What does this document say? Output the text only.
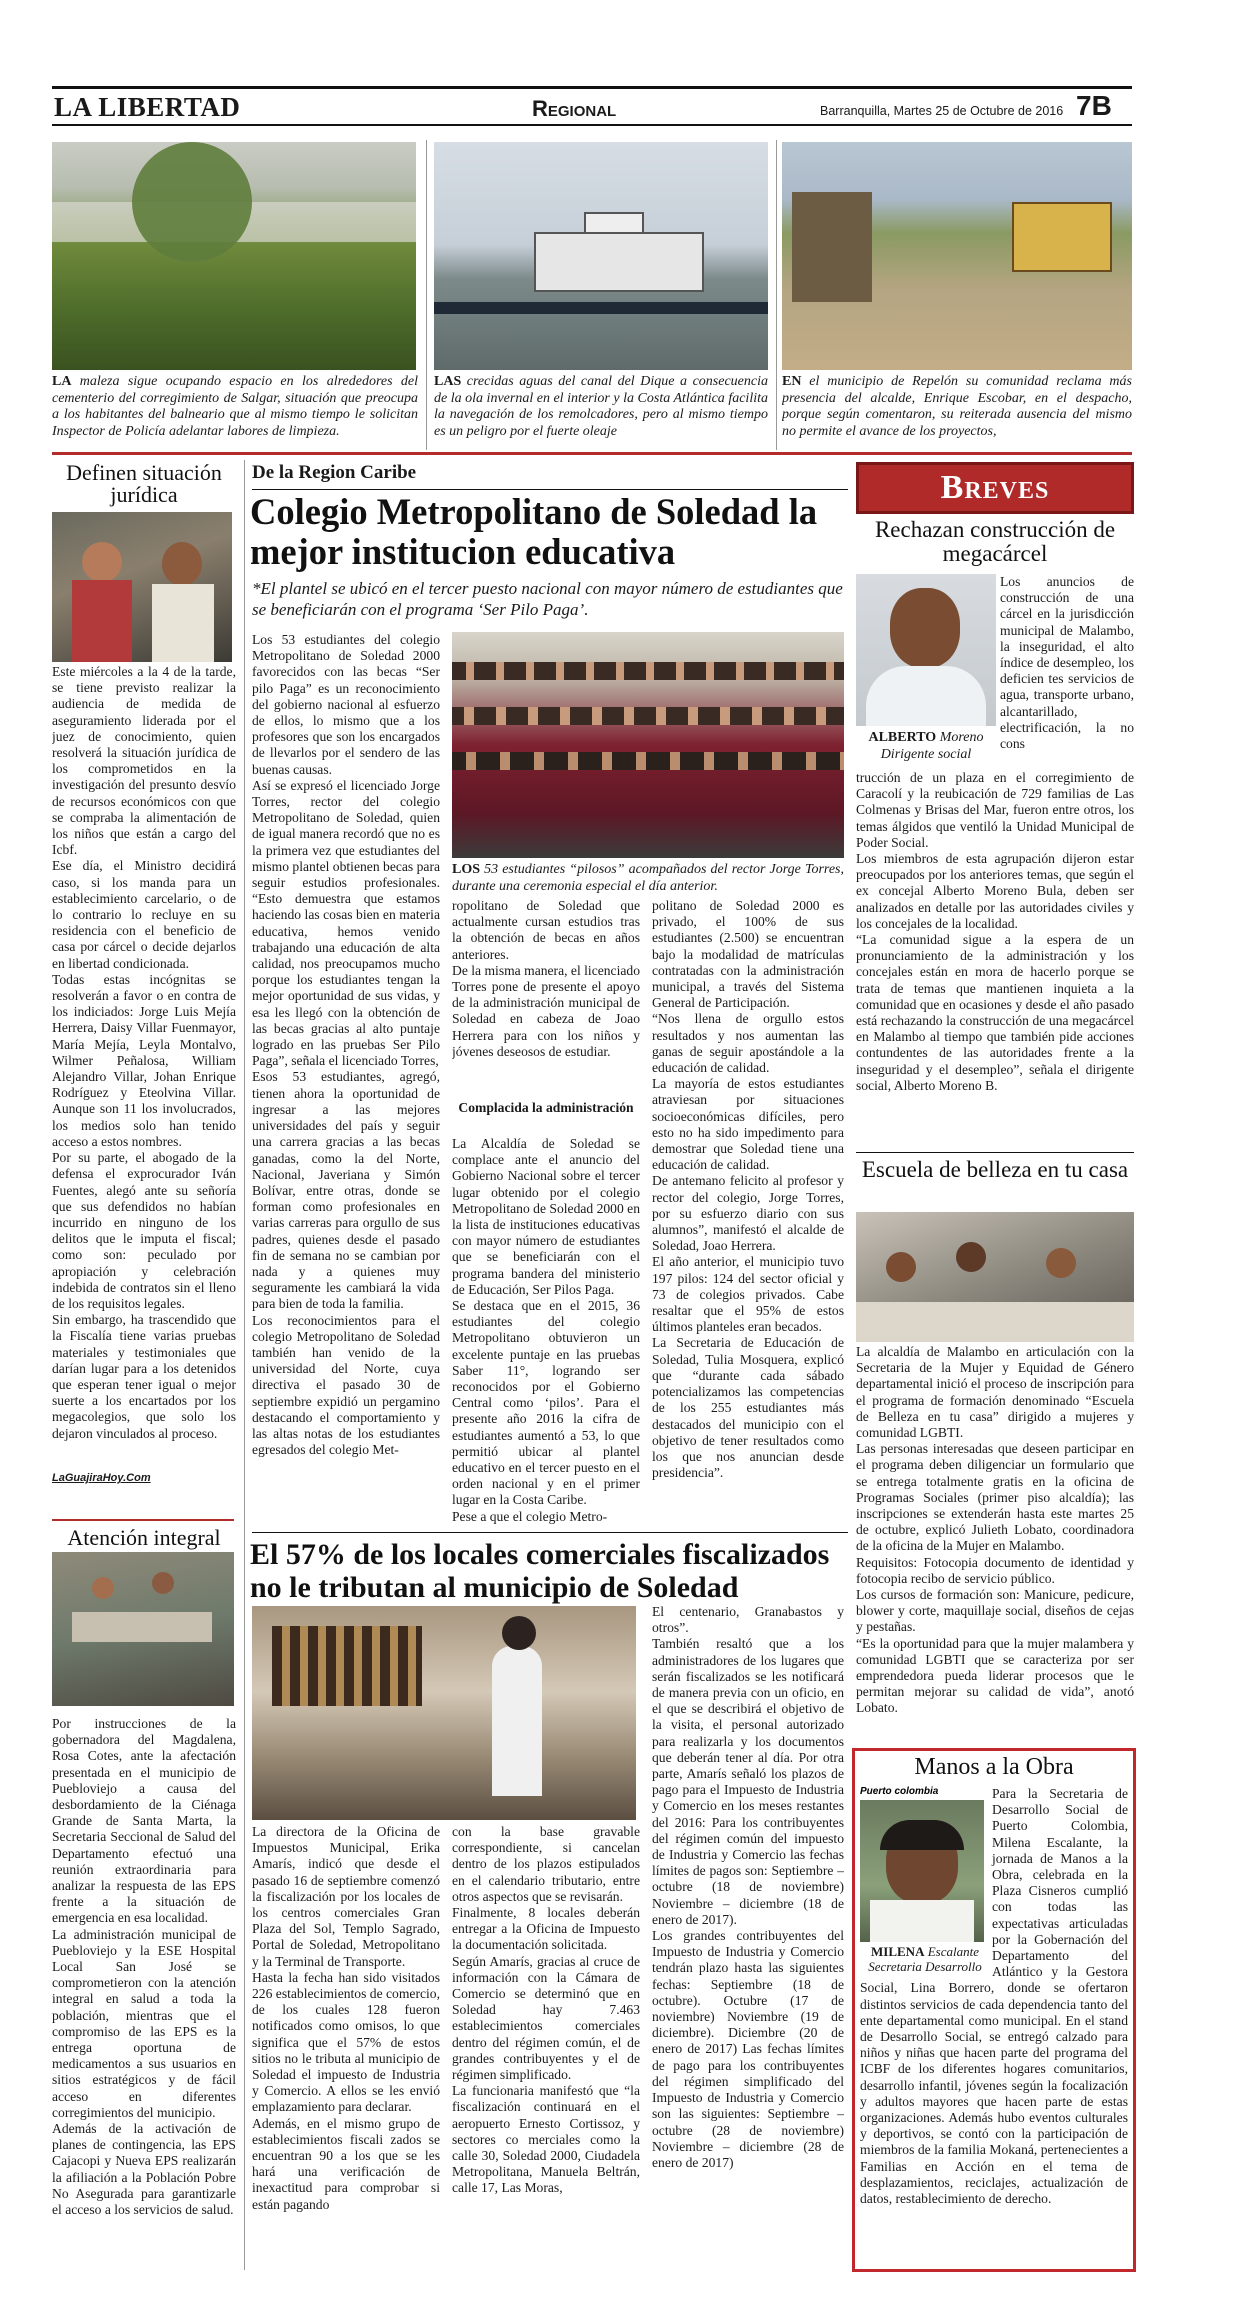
LA LIBERTAD	Regional	Barranquilla, Martes 25 de Octubre de 2016 7B
LA maleza sigue ocupando espacio en los alrededores del cementerio del corregimiento de Salgar, situación que preocupa a los habitantes del balneario que al mismo tiempo le solicitan Inspector de Policía adelantar labores de limpieza.
LAS crecidas aguas del canal del Dique a consecuencia de la ola invernal en el interior y la Costa Atlántica facilita la navegación de los remolcadores, pero al mismo tiempo es un peligro por el fuerte oleaje
EN el municipio de Repelón su comunidad reclama más presencia del alcalde, Enrique Escobar, en el despacho, porque según comentaron, su reiterada ausencia del mismo no permite el avance de los proyectos,
Definen situación jurídica
Este miércoles a la 4 de la tarde, se tiene previsto realizar la audiencia de medida de aseguramiento liderada por el juez de conocimiento, quien resolverá la situación jurídica de los comprometidos en la investigación del presunto desvío de recursos económicos con que se compraba la alimentación de los niños que están a cargo del Icbf.
Ese día, el Ministro decidirá caso, si los manda para un establecimiento carcelario, o de lo contrario lo recluye en su residencia con el beneficio de casa por cárcel o decide dejarlos en libertad condicionada.
Todas estas incógnitas se resolverán a favor o en contra de los indiciados: Jorge Luis Mejía Herrera, Daisy Villar Fuenmayor, María Mejía, Leyla Montalvo, Wilmer Peñalosa, William Alejandro Villar, Johan Enrique Rodríguez y Eteolvina Villar. Aunque son 11 los involucrados, los medios solo han tenido acceso a estos nombres.
Por su parte, el abogado de la defensa el exprocurador Iván Fuentes, alegó ante su señoría que sus defendidos no habían incurrido en ninguno de los delitos que le imputa el fiscal; como son: peculado por apropiación y celebración indebida de contratos sin el lleno de los requisitos legales.
Sin embargo, ha trascendido que la Fiscalía tiene varias pruebas materiales y testimoniales que darían lugar para a los detenidos que esperan tener igual o mejor suerte a los encartados por los megacolegios, que solo los dejaron vinculados al proceso.
LaGuajiraHoy.Com
Atención integral
Por instrucciones de la gobernadora del Magdalena, Rosa Cotes, ante la afectación presentada en el municipio de Puebloviejo a causa del desbordamiento de la Ciénaga Grande de Santa Marta, la Secretaria Seccional de Salud del Departamento efectuó una reunión extraordinaria para analizar la respuesta de las EPS frente a la situación de emergencia en esa localidad.
La administración municipal de Puebloviejo y la ESE Hospital Local San José se comprometieron con la atención integral en salud a toda la población, mientras que el compromiso de las EPS es la entrega oportuna de medicamentos a sus usuarios en sitios estratégicos y de fácil acceso en diferentes corregimientos del municipio.
Además de la activación de planes de contingencia, las EPS Cajacopi y Nueva EPS realizarán la afiliación a la Población Pobre No Asegurada para garantizarle el acceso a los servicios de salud.
De la Region Caribe
Colegio Metropolitano de Soledad la mejor institucion educativa
*El plantel se ubicó en el tercer puesto nacional con mayor número de estudiantes que se beneficiarán con el programa ‘Ser Pilo Paga’.
Los 53 estudiantes del colegio Metropolitano de Soledad 2000 favorecidos con las becas “Ser pilo Paga” es un reconocimiento del gobierno nacional al esfuerzo de ellos, lo mismo que a los profesores que son los encargados de llevarlos por el sendero de las buenas causas.
Así se expresó el licenciado Jorge Torres, rector del colegio Metropolitano de Soledad, quien de igual manera recordó que no es la primera vez que estudiantes del mismo plantel obtienen becas para seguir estudios profesionales. “Esto demuestra que estamos haciendo las cosas bien en materia educativa, hemos venido trabajando una educación de alta calidad, nos preocupamos mucho porque los estudiantes tengan la mejor oportunidad de sus vidas, y esa les llegó con la obtención de las becas gracias al alto puntaje logrado en las pruebas Ser Pilo Paga”, señala el licenciado Torres,
Esos 53 estudiantes, agregó, tienen ahora la oportunidad de ingresar a las mejores universidades del país y seguir una carrera gracias a las becas ganadas, como la del Norte, Nacional, Javeriana y Simón Bolívar, entre otras, donde se forman como profesionales en varias carreras para orgullo de sus padres, quienes desde el pasado fin de semana no se cambian por nada y a quienes muy seguramente les cambiará la vida para bien de toda la familia.
Los reconocimientos para el colegio Metropolitano de Soledad también han venido de la universidad del Norte, cuya directiva el pasado 30 de septiembre expidió un pergamino destacando el comportamiento y las altas notas de los estudiantes egresados del colegio Met-
LOS 53 estudiantes “pilosos” acompañados del rector Jorge Torres, durante una ceremonia especial el día anterior.
ropolitano de Soledad que actualmente cursan estudios tras la obtención de becas en años anteriores.
De la misma manera, el licenciado Torres pone de presente el apoyo de la administración municipal de Soledad en cabeza de Joao Herrera para con los niños y jóvenes deseosos de estudiar.
Complacida la administración
La Alcaldía de Soledad se complace ante el anuncio del Gobierno Nacional sobre el tercer lugar obtenido por el colegio Metropolitano de Soledad 2000 en la lista de instituciones educativas con mayor número de estudiantes que se beneficiarán con el programa bandera del ministerio de Educación, Ser Pilos Paga.
Se destaca que en el 2015, 36 estudiantes del colegio Metropolitano obtuvieron un excelente puntaje en las pruebas Saber 11°, logrando ser reconocidos por el Gobierno Central como ‘pilos’. Para el presente año 2016 la cifra de estudiantes aumentó a 53, lo que permitió ubicar al plantel educativo en el tercer puesto en el orden nacional y en el primer lugar en la Costa Caribe.
Pese a que el colegio Metro-
politano de Soledad 2000 es privado, el 100% de sus estudiantes (2.500) se encuentran bajo la modalidad de matrículas contratadas con la administración municipal, a través del Sistema General de Participación.
“Nos llena de orgullo estos resultados y nos aumentan las ganas de seguir apostándole a la educación de calidad.
La mayoría de estos estudiantes atraviesan por situaciones socioeconómicas difíciles, pero esto no ha sido impedimento para demostrar que Soledad tiene una educación de calidad.
De antemano felicito al profesor y rector del colegio, Jorge Torres, por su esfuerzo diario con sus alumnos”, manifestó el alcalde de Soledad, Joao Herrera.
El año anterior, el municipio tuvo 197 pilos: 124 del sector oficial y 73 de colegios privados. Cabe resaltar que el 95% de estos últimos planteles eran becados.
La Secretaria de Educación de Soledad, Tulia Mosquera, explicó que “durante cada sábado potencializamos las competencias de los 255 estudiantes más destacados del municipio con el objetivo de tener resultados como los que nos anuncian desde presidencia”.
El 57% de los locales comerciales fiscalizados no le tributan al municipio de Soledad
La directora de la Oficina de Impuestos Municipal, Erika Amarís, indicó que desde el pasado 16 de septiembre comenzó la fiscalización por los locales de los centros comerciales Gran Plaza del Sol, Templo Sagrado, Portal de Soledad, Metropolitano y la Terminal de Transporte.
Hasta la fecha han sido visitados 226 establecimientos de comercio, de los cuales 128 fueron notificados como omisos, lo que significa que el 57% de estos sitios no le tributa al municipio de Soledad el impuesto de Industria y Comercio. A ellos se les envió emplazamiento para declarar.
Además, en el mismo grupo de establecimientos fiscali zados se encuentran 90 a los que se les hará una verificación de inexactitud para comprobar si están pagando
con la base gravable correspondiente, si cancelan dentro de los plazos estipulados en el calendario tributario, entre otros aspectos que se revisarán.
Finalmente, 8 locales deberán entregar a la Oficina de Impuesto la documentación solicitada.
Según Amarís, gracias al cruce de información con la Cámara de Comercio se determinó que en Soledad hay 7.463 establecimientos comerciales dentro del régimen común, el de grandes contribuyentes y el de régimen simplificado.
La funcionaria manifestó que “la fiscalización continuará en el aeropuerto Ernesto Cortissoz, y sectores co merciales como la calle 30, Soledad 2000, Ciudadela Metropolitana, Manuela Beltrán, calle 17, Las Moras,
El centenario, Granabastos y otros”.
También resaltó que a los administradores de los lugares que serán fiscalizados se les notificará de manera previa con un oficio, en el que se describirá el objetivo de la visita, el personal autorizado para realizarla y los documentos que deberán tener al día. Por otra parte, Amarís señaló los plazos de pago para el Impuesto de Industria y Comercio en los meses restantes del 2016: Para los contribuyentes del régimen común del impuesto de Industria y Comercio las fechas límites de pagos son: Septiembre – octubre (18 de noviembre) Noviembre – diciembre (18 de enero de 2017).
Los grandes contribuyentes del Impuesto de Industria y Comercio tendrán plazo hasta las siguientes fechas: Septiembre (18 de octubre). Octubre (17 de noviembre) Noviembre (19 de diciembre). Diciembre (20 de enero de 2017) Las fechas límites de pago para los contribuyentes del régimen simplificado del Impuesto de Industria y Comercio son las siguientes: Septiembre –octubre (28 de noviembre) Noviembre – diciembre (28 de enero de 2017)
Breves
Rechazan construcción de megacárcel
ALBERTO Moreno
Dirigente social
Los anuncios de construcción de una cárcel en la jurisdicción municipal de Malambo, la inseguridad, el alto índice de desempleo, los deficien tes servicios de agua, transporte urbano, alcantarillado, electrificación, la no cons
trucción de un plaza en el corregimiento de Caracolí y la reubicación de 729 familias de Las Colmenas y Brisas del Mar, fueron entre otros, los temas álgidos que ventiló la Unidad Municipal de Poder Social.
Los miembros de esta agrupación dijeron estar preocupados por los anteriores temas, que según el ex concejal Alberto Moreno Bula, deben ser analizados en detalle por las autoridades civiles y los concejales de la localidad.
“La comunidad sigue a la espera de un pronunciamiento de la administración y los concejales están en mora de hacerlo porque se trata de temas que mantienen inquieta a la comunidad que en ocasiones y desde el año pasado está rechazando la construcción de una megacárcel en Malambo al tiempo que también pide acciones contundentes de las autoridades frente a la inseguridad y el desempleo”, señala el dirigente social, Alberto Moreno B.
Escuela de belleza en tu casa
La alcaldía de Malambo en articulación con la Secretaria de la Mujer y Equidad de Género departamental inició el proceso de inscripción para el programa de formación denominado “Escuela de Belleza en tu casa” dirigido a mujeres y comunidad LGBTI.
Las personas interesadas que deseen participar en el programa deben diligenciar un formulario que se entrega totalmente gratis en la oficina de Programas Sociales (primer piso alcaldía); las inscripciones se extenderán hasta este martes 25 de octubre, explicó Julieth Lobato, coordinadora de la oficina de la Mujer en Malambo.
Requisitos: Fotocopia documento de identidad y fotocopia recibo de servicio público.
Los cursos de formación son: Manicure, pedicure, blower y corte, maquillaje social, diseños de cejas y pestañas.
“Es la oportunidad para que la mujer malambera y comunidad LGBTI que se caracteriza por ser emprendedora pueda liderar procesos que le permitan mejorar su calidad de vida”, anotó Lobato.
Manos a la Obra
Puerto colombia
MILENA Escalante
Secretaria Desarrollo
Para la Secretaria de Desarrollo Social de Puerto Colombia, Milena Escalante, la jornada de Manos a la Obra, celebrada en la Plaza Cisneros cumplió con todas las expectativas articuladas por la Gobernación del Departamento del Atlántico y la Gestora Social, Lina Borrero, donde se ofertaron distintos servicios de cada dependencia tanto del ente departamental como municipal. En el stand de Desarrollo Social, se entregó calzado para niños y niñas que hacen parte del programa del ICBF de los diferentes hogares comunitarios, desarrollo infantil, jóvenes según la focalización y adultos mayores que hacen parte de estas organizaciones. Además hubo eventos culturales y deportivos, se contó con la participación de miembros de la familia Mokaná, pertenecientes a Familias en Acción en el tema de desplazamientos, reciclajes, actualización de datos, restablecimiento de derecho.
